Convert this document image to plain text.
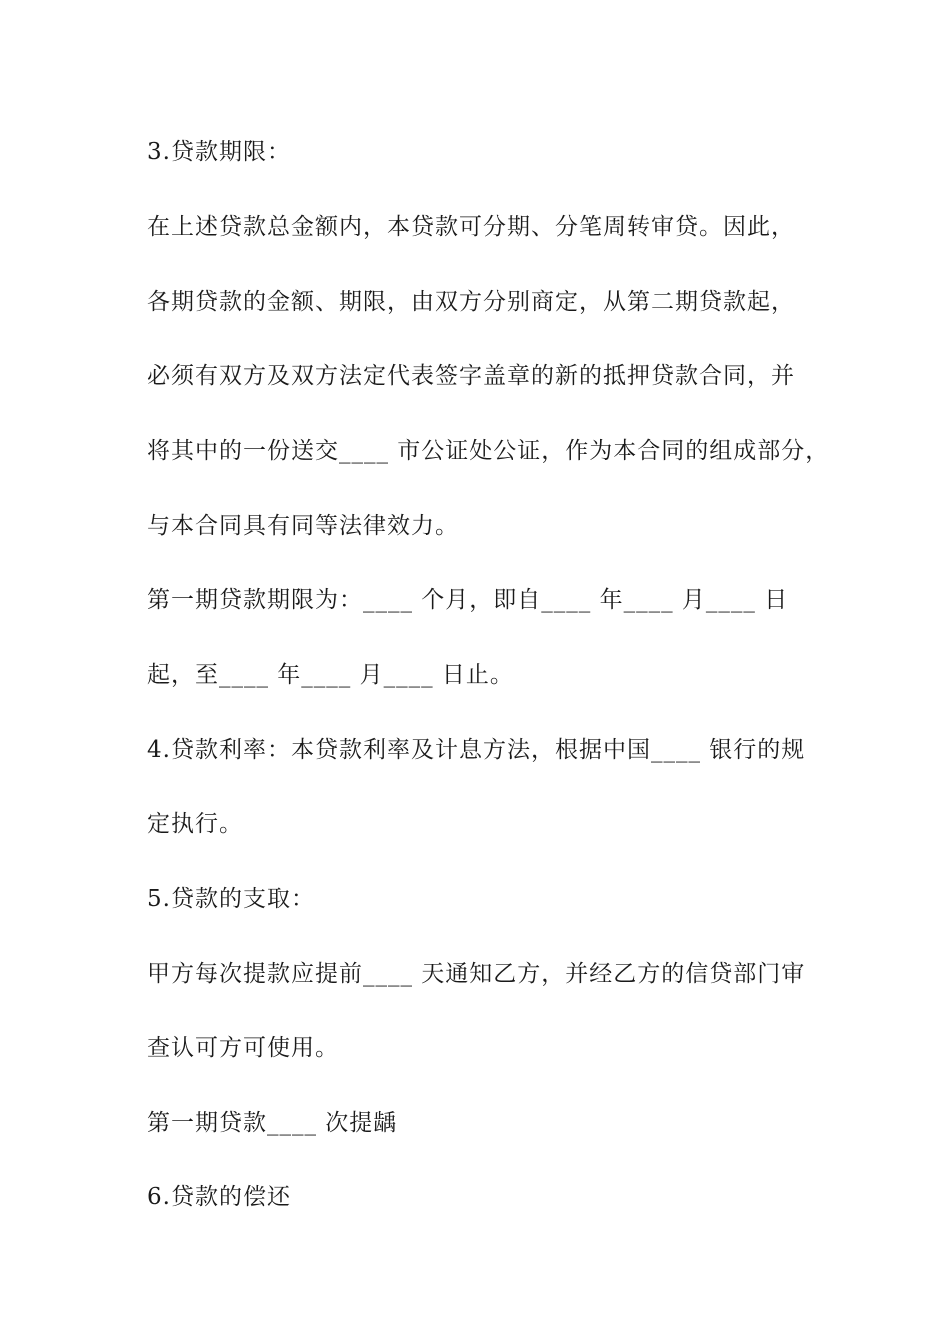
3.贷款期限：
在上述贷款总金额内，本贷款可分期、分笔周转审贷。因此，
各期贷款的金额、期限，由双方分别商定，从第二期贷款起，
必须有双方及双方法定代表签字盖章的新的抵押贷款合同，并
将其中的一份送交____ 市公证处公证，作为本合同的组成部分，
与本合同具有同等法律效力。
第一期贷款期限为：____ 个月，即自____ 年____ 月____ 日
起，至____ 年____ 月____ 日止。
4.贷款利率：本贷款利率及计息方法，根据中国____ 银行的规
定执行。
5.贷款的支取：
甲方每次提款应提前____ 天通知乙方，并经乙方的信贷部门审
查认可方可使用。
第一期贷款____ 次提龋
6.贷款的偿还
